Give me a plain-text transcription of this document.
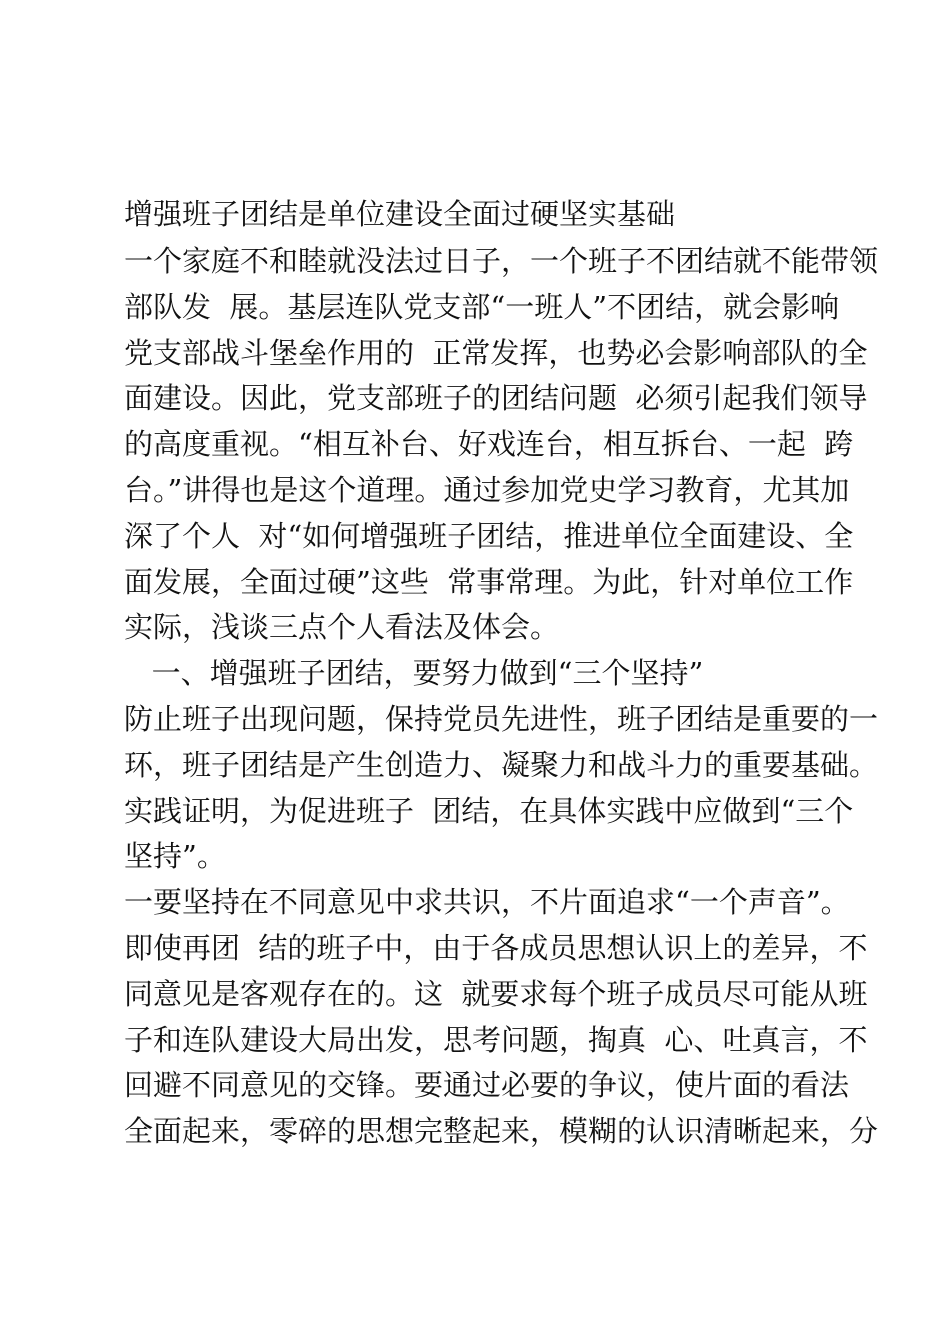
增强班子团结是单位建设全面过硬坚实基础
一个家庭不和睦就没法过日子，一个班子不团结就不能带领
部队发  展。基层连队党支部“一班人”不团结，就会影响
党支部战斗堡垒作用的  正常发挥，也势必会影响部队的全
面建设。因此，党支部班子的团结问题  必须引起我们领导
的高度重视。“相互补台、好戏连台，相互拆台、一起  跨
台。”讲得也是这个道理。通过参加党史学习教育，尤其加
深了个人  对“如何增强班子团结，推进单位全面建设、全
面发展，全面过硬”这些  常事常理。为此，针对单位工作
实际，浅谈三点个人看法及体会。
一、增强班子团结，要努力做到“三个坚持”
防止班子出现问题，保持党员先进性，班子团结是重要的一
环，班子团结是产生创造力、凝聚力和战斗力的重要基础。
实践证明，为促进班子  团结，在具体实践中应做到“三个
坚持”。
一要坚持在不同意见中求共识，不片面追求“一个声音”。
即使再团  结的班子中，由于各成员思想认识上的差异，不
同意见是客观存在的。这  就要求每个班子成员尽可能从班
子和连队建设大局出发，思考问题，掏真  心、吐真言，不
回避不同意见的交锋。要通过必要的争议，使片面的看法
全面起来，零碎的思想完整起来，模糊的认识清晰起来，分
